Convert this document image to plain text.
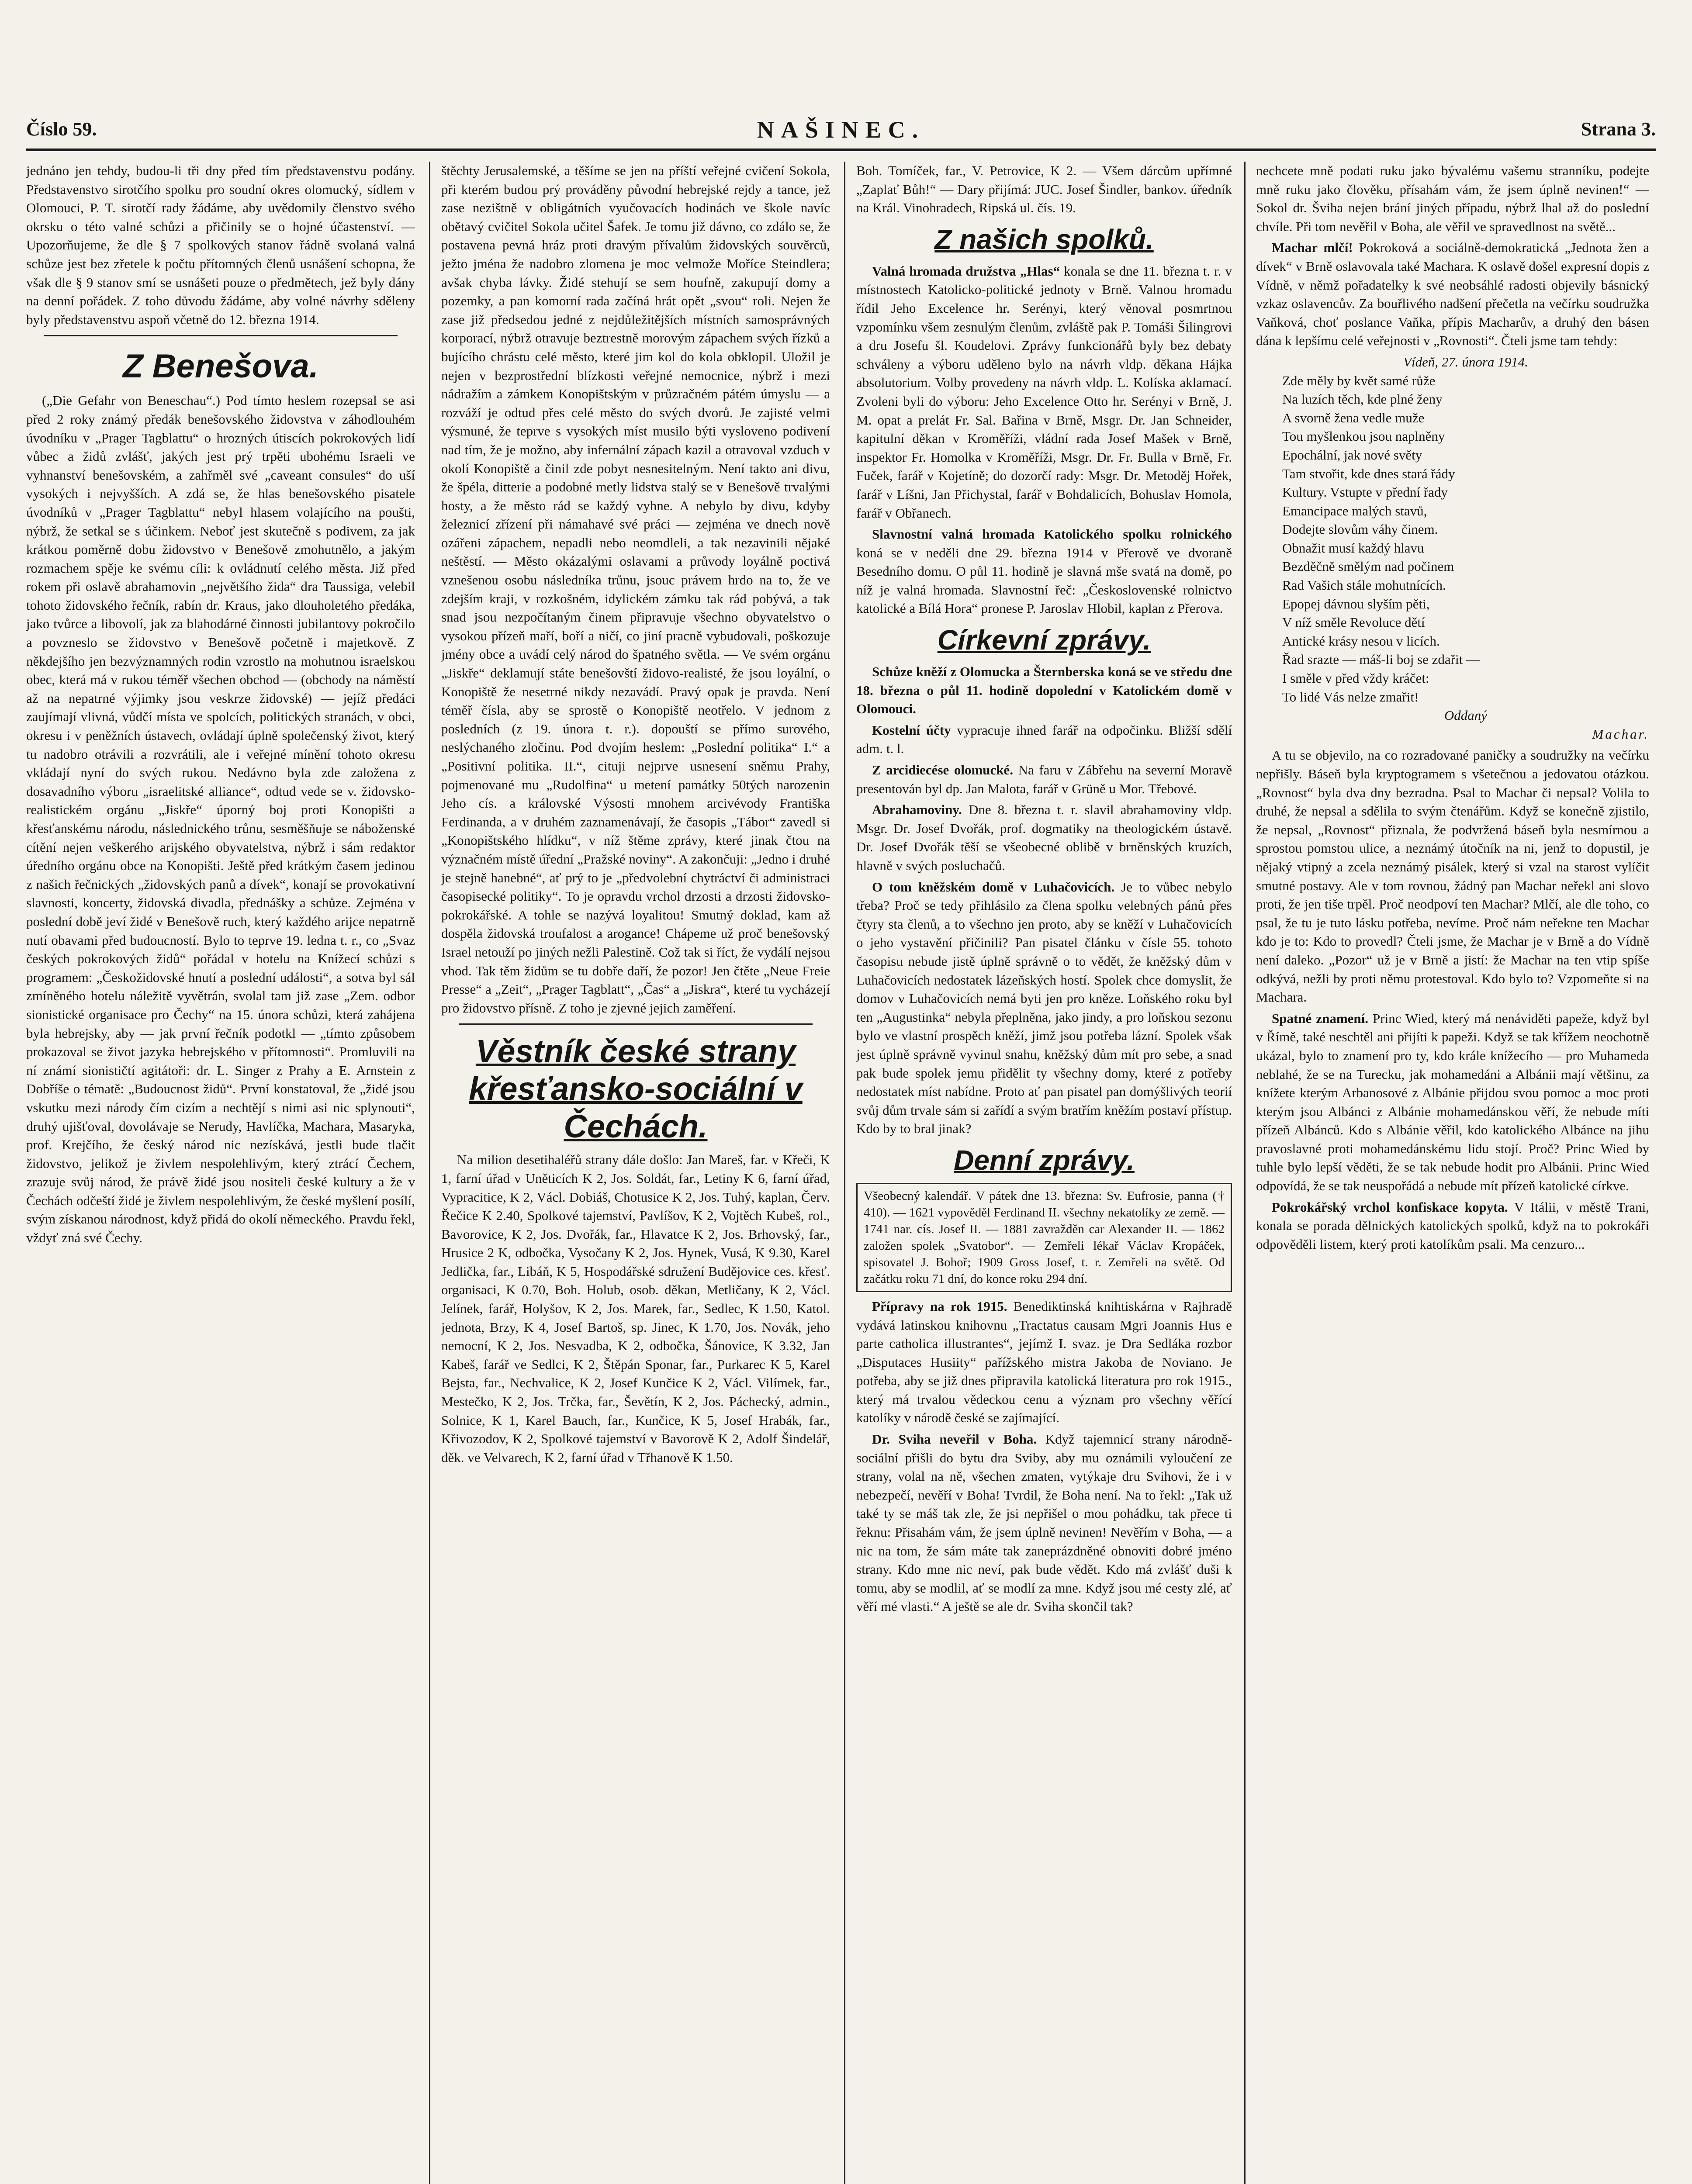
Číslo 59.	NAŠINEC.	Strana 3.

jednáno jen tehdy, budou-li tři dny před tím představenstvu podány. Představenstvo sirotčího spolku pro soudní okres olomucký, sídlem v Olomouci, P. T. sirotčí rady žádáme, aby uvědomily členstvo svého okrsku o této valné schůzi a přičinily se o hojné účastenství. — Upozorňujeme, že dle § 7 spolkových stanov řádně svolaná valná schůze jest bez zřetele k počtu přítomných členů usnášení schopna, že však dle § 9 stanov smí se usnášeti pouze o předmětech, jež byly dány na denní pořádek. Z toho důvodu žádáme, aby volné návrhy sděleny byly představenstvu aspoň včetně do 12. března 1914.

Z Benešova.

(„Die Gefahr von Beneschau“.) Pod tímto heslem rozepsal se asi před 2 roky známý předák benešovského židovstva v záhodlouhém úvodníku v „Prager Tagblattu“ o hrozných útiscích pokrokových lidí vůbec a židů zvlášť, jakých jest prý trpěti ubohému Israeli ve vyhnanství benešovském, a zahřměl své „caveant consules“ do uší vysokých i nejvyšších. A zdá se, že hlas benešovského pisatele úvodníků v „Prager Tagblattu“ nebyl hlasem volajícího na poušti, nýbrž, že setkal se s účinkem. Neboť jest skutečně s podivem, za jak krátkou poměrně dobu židovstvo v Benešově zmohutnělo, a jakým rozmachem spěje ke svému cíli: k ovládnutí celého města. Již před rokem při oslavě abrahamovin „největšího žida“ dra Taussiga, velebil tohoto židovského řečník, rabín dr. Kraus, jako dlouholetého předáka, jako tvůrce a libovolí, jak za blahodárné činnosti jubilantovy pokročilo a povzneslo se židovstvo v Benešově početně i majetkově. Z někdejšího jen bezvýznamných rodin vzrostlo na mohutnou israelskou obec, která má v rukou téměř všechen obchod — (obchody na náměstí až na nepatrné výjimky jsou veskrze židovské) — jejíž předáci zaujímají vlivná, vůdčí místa ve spolcích, politických stranách, v obci, okresu i v peněžních ústavech, ovládají úplně společenský život, který tu nadobro otrávili a rozvrátili, ale i veřejné mínění tohoto okresu vkládají nyní do svých rukou. Nedávno byla zde založena z dosavadního výboru „israelitské alliance“, odtud vede se v. židovsko-realistickém orgánu „Jiskře“ úporný boj proti Konopišti a křesťanskému národu, následnického trůnu, sesměšňuje se náboženské cítění nejen veškerého arijského obyvatelstva, nýbrž i sám redaktor úředního orgánu obce na Konopišti. Ještě před krátkým časem jedinou z našich řečnických „židovských panů a dívek“, konají se provokativní slavnosti, koncerty, židovská divadla, přednášky a schůze. Zejména v poslední době jeví židé v Benešově ruch, který každého arijce nepatrně nutí obavami před budoucností. Bylo to teprve 19. ledna t. r., co „Svaz českých pokrokových židů“ pořádal v hotelu na Knížecí schůzi s programem: „Českožidovské hnutí a poslední události“, a sotva byl sál zmíněného hotelu náležitě vyvětrán, svolal tam již zase „Zem. odbor sionistické organisace pro Čechy“ na 15. února schůzi, která zahájena byla hebrejsky, aby — jak první řečník podotkl — „tímto způsobem prokazoval se život jazyka hebrejského v přítomnosti“. Promluvili na ní známí sionističtí agitátoři: dr. L. Singer z Prahy a E. Arnstein z Dobříše o tématě: „Budoucnost židů“. První konstatoval, že „židé jsou vskutku mezi národy čím cizím a nechtějí s nimi asi nic splynouti“, druhý ujišťoval, dovolávaje se Nerudy, Havlíčka, Machara, Masaryka, prof. Krejčího, že český národ nic nezískává, jestli bude tlačit židovstvo, jelikož je živlem nespolehlivým, který ztrácí Čechem, zrazuje svůj národ, že právě židé jsou nositeli české kultury a že v Čechách odčeští židé je živlem nespolehlivým, že české myšlení posílí, svým získanou národnost, když přidá do okolí německého. Pravdu řekl, vždyť zná své Čechy.

štěchty Jerusalemské, a těšíme se jen na příští veřejné cvičení Sokola, při kterém budou prý prováděny původní hebrejské rejdy a tance, jež zase nezištně v obligátních vyučovacích hodinách ve škole navíc obětavý cvičitel Sokola učitel Šafek. Je tomu již dávno, co zdálo se, že postavena pevná hráz proti dravým přívalům židovských souvěrců, ježto jména že nadobro zlomena je moc velmože Moříce Steindlera; avšak chyba lávky. Židé stehují se sem houfně, zakupují domy a pozemky, a pan komorní rada začíná hrát opět „svou“ roli. Nejen že zase již předsedou jedné z nejdůležitějších místních samosprávných korporací, nýbrž otravuje beztrestně morovým zápachem svých řízků a bujícího chrástu celé město, které jim kol do kola obklopil. Uložil je nejen v bezprostřední blízkosti veřejné nemocnice, nýbrž i mezi nádražím a zámkem Konopištským v průzračném pátém úmyslu — a rozváží je odtud přes celé město do svých dvorů. Je zajisté velmi výsmuné, že teprve s vysokých míst musilo býti vysloveno podivení nad tím, že je možno, aby infernální zápach kazil a otravoval vzduch v okolí Konopiště a činil zde pobyt nesnesitelným. Není takto ani divu, že špéla, ditterie a podobné metly lidstva stalý se v Benešově trvalými hosty, a že město rád se každý vyhne. A nebylo by divu, kdyby železnicí zřízení při námahavé své práci — zejména ve dnech nově ozářeni zápachem, nepadli nebo neomdleli, a tak nezavinili nějaké neštěstí. — Město okázalými oslavami a průvody loyálně poctivá vznešenou osobu následníka trůnu, jsouc právem hrdo na to, že ve zdejším kraji, v rozkošném, idylickém zámku tak rád pobývá, a tak snad jsou nezpočítaným činem připravuje všechno obyvatelstvo o vysokou přízeň maří, boří a ničí, co jiní pracně vybudovali, poškozuje jmény obce a uvádí celý národ do špatného světla. — Ve svém orgánu „Jiskře“ deklamují státe benešovští židovo-realisté, že jsou loyální, o Konopiště že nesetrné nikdy nezavádí. Pravý opak je pravda. Není téměř čísla, aby se sprostě o Konopiště neotřelo. V jednom z posledních (z 19. února t. r.). dopouští se přímo surového, neslýchaného zločinu. Pod dvojím heslem: „Poslední politika“ I.“ a „Positivní politika. II.“, cituji nejprve usnesení sněmu Prahy, pojmenované mu „Rudolfina“ u metení památky 50tých narozenin Jeho cís. a královské Výsosti mnohem arcivévody Františka Ferdinanda, a v druhém zaznamenávají, že časopis „Tábor“ zavedl si „Konopištského hlídku“, v níž štěme zprávy, které jinak čtou na význačném místě úřední „Pražské noviny“. A zakončuji: „Jedno i druhé je stejně hanebné“, ať prý to je „předvolební chytráctví či administraci časopisecké politiky“. To je opravdu vrchol drzosti a drzosti židovsko-pokrokářské. A tohle se nazývá loyalitou! Smutný doklad, kam až dospěla židovská troufalost a arogance! Chápeme už proč benešovský Israel netouží po jiných nežli Palestině. Což tak si říct, že vydálí nejsou vhod. Tak těm židům se tu dobře daří, že pozor! Jen čtěte „Neue Freie Presse“ a „Zeit“, „Prager Tagblatt“, „Čas“ a „Jiskra“, které tu vycházejí pro židovstvo přísně. Z toho je zjevné jejich zaměření.

Věstník české strany křesťansko-sociální v Čechách.

Na milion desetihaléřů strany dále došlo: Jan Mareš, far. v Křeči, K 1, farní úřad v Uněticích K 2, Jos. Soldát, far., Letiny K 6, farní úřad, Vypracitice, K 2, Václ. Dobiáš, Chotusice K 2, Jos. Tuhý, kaplan, Červ. Řečice K 2.40, Spolkové tajemství, Pavlíšov, K 2, Vojtěch Kubeš, rol., Bavorovice, K 2, Jos. Dvořák, far., Hlavatce K 2, Jos. Brhovský, far., Hrusice 2 K, odbočka, Vysočany K 2, Jos. Hynek, Vusá, K 9.30, Karel Jedlička, far., Libáň, K 5, Hospodářské sdružení Budějovice ces. křesť. organisaci, K 0.70, Boh. Holub, osob. děkan, Metličany, K 2, Václ. Jelínek, farář, Holyšov, K 2, Jos. Marek, far., Sedlec, K 1.50, Katol. jednota, Brzy, K 4, Josef Bartoš, sp. Jinec, K 1.70, Jos. Novák, jeho nemocní, K 2, Jos. Nesvadba, K 2, odbočka, Šánovice, K 3.32, Jan Kabeš, farář ve Sedlci, K 2, Štěpán Sponar, far., Purkarec K 5, Karel Bejsta, far., Nechvalice, K 2, Josef Kunčice K 2, Václ. Vilímek, far., Mestečko, K 2, Jos. Trčka, far., Ševětín, K 2, Jos. Páchecký, admin., Solnice, K 1, Karel Bauch, far., Kunčice, K 5, Josef Hrabák, far., Křivozodov, K 2, Spolkové tajemství v Bavorově K 2, Adolf Šindelář, děk. ve Velvarech, K 2, farní úřad v Třhanově K 1.50.

Boh. Tomíček, far., V. Petrovice, K 2. — Všem dárcům upřímné „Zaplať Bůh!“ — Dary přijímá: JUC. Josef Šindler, bankov. úředník na Král. Vinohradech, Ripská ul. čís. 19.

Z našich spolků.

Valná hromada družstva „Hlas“ konala se dne 11. března t. r. v místnostech Katolicko-politické jednoty v Brně. Valnou hromadu řídil Jeho Excelence hr. Serényi, který věnoval posmrtnou vzpomínku všem zesnulým členům, zvláště pak P. Tomáši Šilingrovi a dru Josefu šl. Koudelovi. Zprávy funkcionářů byly bez debaty schváleny a výboru uděleno bylo na návrh vldp. děkana Hájka absolutorium. Volby provedeny na návrh vldp. L. Kolíska aklamací. Zvoleni byli do výboru: Jeho Excelence Otto hr. Serényi v Brně, J. M. opat a prelát Fr. Sal. Bařina v Brně, Msgr. Dr. Jan Schneider, kapitulní děkan v Kroměříži, vládní rada Josef Mašek v Brně, inspektor Fr. Homolka v Kroměříži, Msgr. Dr. Fr. Bulla v Brně, Fr. Fuček, farář v Kojetíně; do dozorčí rady: Msgr. Dr. Metoděj Hořek, farář v Líšni, Jan Přichystal, farář v Bohdalicích, Bohuslav Homola, farář v Obřanech.

Slavnostní valná hromada Katolického spolku rolnického koná se v neděli dne 29. března 1914 v Přerově ve dvoraně Besedního domu. O půl 11. hodině je slavná mše svatá na domě, po níž je valná hromada. Slavnostní řeč: „Československé rolnictvo katolické a Bílá Hora“ pronese P. Jaroslav Hlobil, kaplan z Přerova.

Církevní zprávy.

Schůze kněží z Olomucka a Šternberska koná se ve středu dne 18. března o půl 11. hodině dopolední v Katolickém domě v Olomouci.

Kostelní účty vypracuje ihned farář na odpočinku. Bližší sdělí adm. t. l.

Z arcidiecése olomucké. Na faru v Zábřehu na severní Moravě presentován byl dp. Jan Malota, farář v Grüně u Mor. Třebové.

Abrahamoviny. Dne 8. března t. r. slavil abrahamoviny vldp. Msgr. Dr. Josef Dvořák, prof. dogmatiky na theologickém ústavě. Dr. Josef Dvořák těší se všeobecné oblibě v brněnských kruzích, hlavně v svých posluchačů.

O tom kněžském domě v Luhačovicích. Je to vůbec nebylo třeba? Proč se tedy přihlásilo za člena spolku velebných pánů přes čtyry sta členů, a to všechno jen proto, aby se kněží v Luhačovicích o jeho vystavění přičinili? Pan pisatel článku v čísle 55. tohoto časopisu nebude jistě úplně správně o to vědět, že kněžský dům v Luhačovicích nedostatek lázeňských hostí. Spolek chce domyslit, že domov v Luhačovicích nemá byti jen pro kněze. Loňského roku byl ten „Augustinka“ nebyla přeplněna, jako jindy, a pro loňskou sezonu bylo ve vlastní prospěch kněží, jimž jsou potřeba lázní. Spolek však jest úplně správně vyvinul snahu, kněžský dům mít pro sebe, a snad pak bude spolek jemu přidělit ty všechny domy, které z potřeby nedostatek míst nabídne. Proto ať pan pisatel pan domýšlivých teorií svůj dům trvale sám si zařídí a svým bratřím kněžím postaví přístup. Kdo by to bral jinak?

Denní zprávy.
Všeobecný kalendář. V pátek dne 13. března: Sv. Eufrosie, panna († 410). — 1621 vypověděl Ferdinand II. všechny nekatolíky ze země. — 1741 nar. cís. Josef II. — 1881 zavražděn car Alexander II. — 1862 založen spolek „Svatobor“. — Zemřeli lékař Václav Kropáček, spisovatel J. Bohoř; 1909 Gross Josef, t. r. Zemřeli na světě. Od začátku roku 71 dní, do konce roku 294 dní.

Přípravy na rok 1915. Benediktinská knihtiskárna v Rajhradě vydává latinskou knihovnu „Tractatus causam Mgri Joannis Hus e parte catholica illustrantes“, jejímž I. svaz. je Dra Sedláka rozbor „Disputaces Husiity“ pařížského mistra Jakoba de Noviano. Je potřeba, aby se již dnes připravila katolická literatura pro rok 1915., který má trvalou vědeckou cenu a význam pro všechny věřící katolíky v národě české se zajímající.

Dr. Sviha neveřil v Boha. Když tajemnicí strany národně-sociální přišli do bytu dra Sviby, aby mu oznámili vyloučení ze strany, volal na ně, všechen zmaten, vytýkaje dru Svihovi, že i v nebezpečí, nevěří v Boha! Tvrdil, že Boha není. Na to řekl: „Tak už také ty se máš tak zle, že jsi nepřišel o mou pohádku, tak přece ti řeknu: Přisahám vám, že jsem úplně nevinen! Nevěřím v Boha, — a nic na tom, že sám máte tak zaneprázdněné obnoviti dobré jméno strany. Kdo mne nic neví, pak bude vědět. Kdo má zvlášť duši k tomu, aby se modlil, ať se modlí za mne. Když jsou mé cesty zlé, ať věří mé vlasti.“ A ještě se ale dr. Sviha skončil tak?

nechcete mně podati ruku jako bývalému vašemu stranníku, podejte mně ruku jako člověku, přísahám vám, že jsem úplně nevinen!“ — Sokol dr. Šviha nejen brání jiných případu, nýbrž lhal až do poslední chvíle. Při tom nevěřil v Boha, ale věřil ve spravedlnost na světě...

Machar mlčí! Pokroková a sociálně-demokratická „Jednota žen a dívek“ v Brně oslavovala také Machara. K oslavě došel expresní dopis z Vídně, v němž pořadatelky k své neobsáhlé radosti objevily básnický vzkaz oslavencův. Za bouřlivého nadšení přečetla na večírku soudružka Vaňková, choť poslance Vaňka, přípis Macharův, a druhý den básen dána k lepšímu celé veřejnosti v „Rovnosti“. Čteli jsme tam tehdy:

Vídeň, 27. února 1914.
Zde měly by květ samé růže
Na luzích těch, kde plné ženy
A svorně žena vedle muže
Tou myšlenkou jsou naplněny
Epochální, jak nové světy
Tam stvořit, kde dnes stará řády
Kultury. Vstupte v přední řady
Emancipace malých stavů,
Dodejte slovům váhy činem.
Obnažit musí každý hlavu
Bezděčně smělým nad počinem
Rad Vašich stále mohutnících.
Epopej dávnou slyším pěti,
V níž směle Revoluce dětí
Antické krásy nesou v licích.
Řad srazte — máš-li boj se zdařit —
I směle v před vždy kráčet:
To lidé Vás nelze zmařit!
Oddaný

Machar.

A tu se objevilo, na co rozradované paničky a soudružky na večírku nepřišly. Báseň byla kryptogramem s všetečnou a jedovatou otázkou. „Rovnost“ byla dva dny bezradna. Psal to Machar či nepsal? Volila to druhé, že nepsal a sdělila to svým čtenářům. Když se konečně zjistilo, že nepsal, „Rovnost“ přiznala, že podvržená báseň byla nesmírnou a sprostou pomstou ulice, a neznámý útočník na ni, jenž to dopustil, je nějaký vtipný a zcela neznámý pisálek, který si vzal na starost vylíčit smutné postavy. Ale v tom rovnou, žádný pan Machar neřekl ani slovo proti, že jen tiše trpěl. Proč neodpoví ten Machar? Mlčí, ale dle toho, co psal, že tu je tuto lásku potřeba, nevíme. Proč nám neřekne ten Machar kdo je to: Kdo to provedl? Čteli jsme, že Machar je v Brně a do Vídně není daleko. „Pozor“ už je v Brně a jistí: že Machar na ten vtip spíše odkývá, nežli by proti němu protestoval. Kdo bylo to? Vzpomeňte si na Machara.

Spatné znamení. Princ Wied, který má nenáviděti papeže, když byl v Římě, také neschtěl ani přijíti k papeži. Když se tak křížem neochotně ukázal, bylo to znamení pro ty, kdo krále knížecího — pro Muhameda neblahé, že se na Turecku, jak mohamedáni a Albánii mají většinu, za knížete kterým Arbanosové z Albánie přijdou svou pomoc a moc proti kterým jsou Albánci z Albánie mohamedánskou věří, že nebude míti přízeň Albánců. Kdo s Albánie věřil, kdo katolického Albánce na jihu pravoslavné proti mohamedánskému lidu stojí. Proč? Princ Wied by tuhle bylo lepší věděti, že se tak nebude hodit pro Albánii. Princ Wied odpovídá, že se tak neuspořádá a nebude mít přízeň katolické církve.

Pokrokářský vrchol konfiskace kopyta. V Itálii, v městě Trani, konala se porada dělnických katolických spolků, když na to pokrokáři odpověděli listem, který proti katolíkům psali. Ma cenzuro...
